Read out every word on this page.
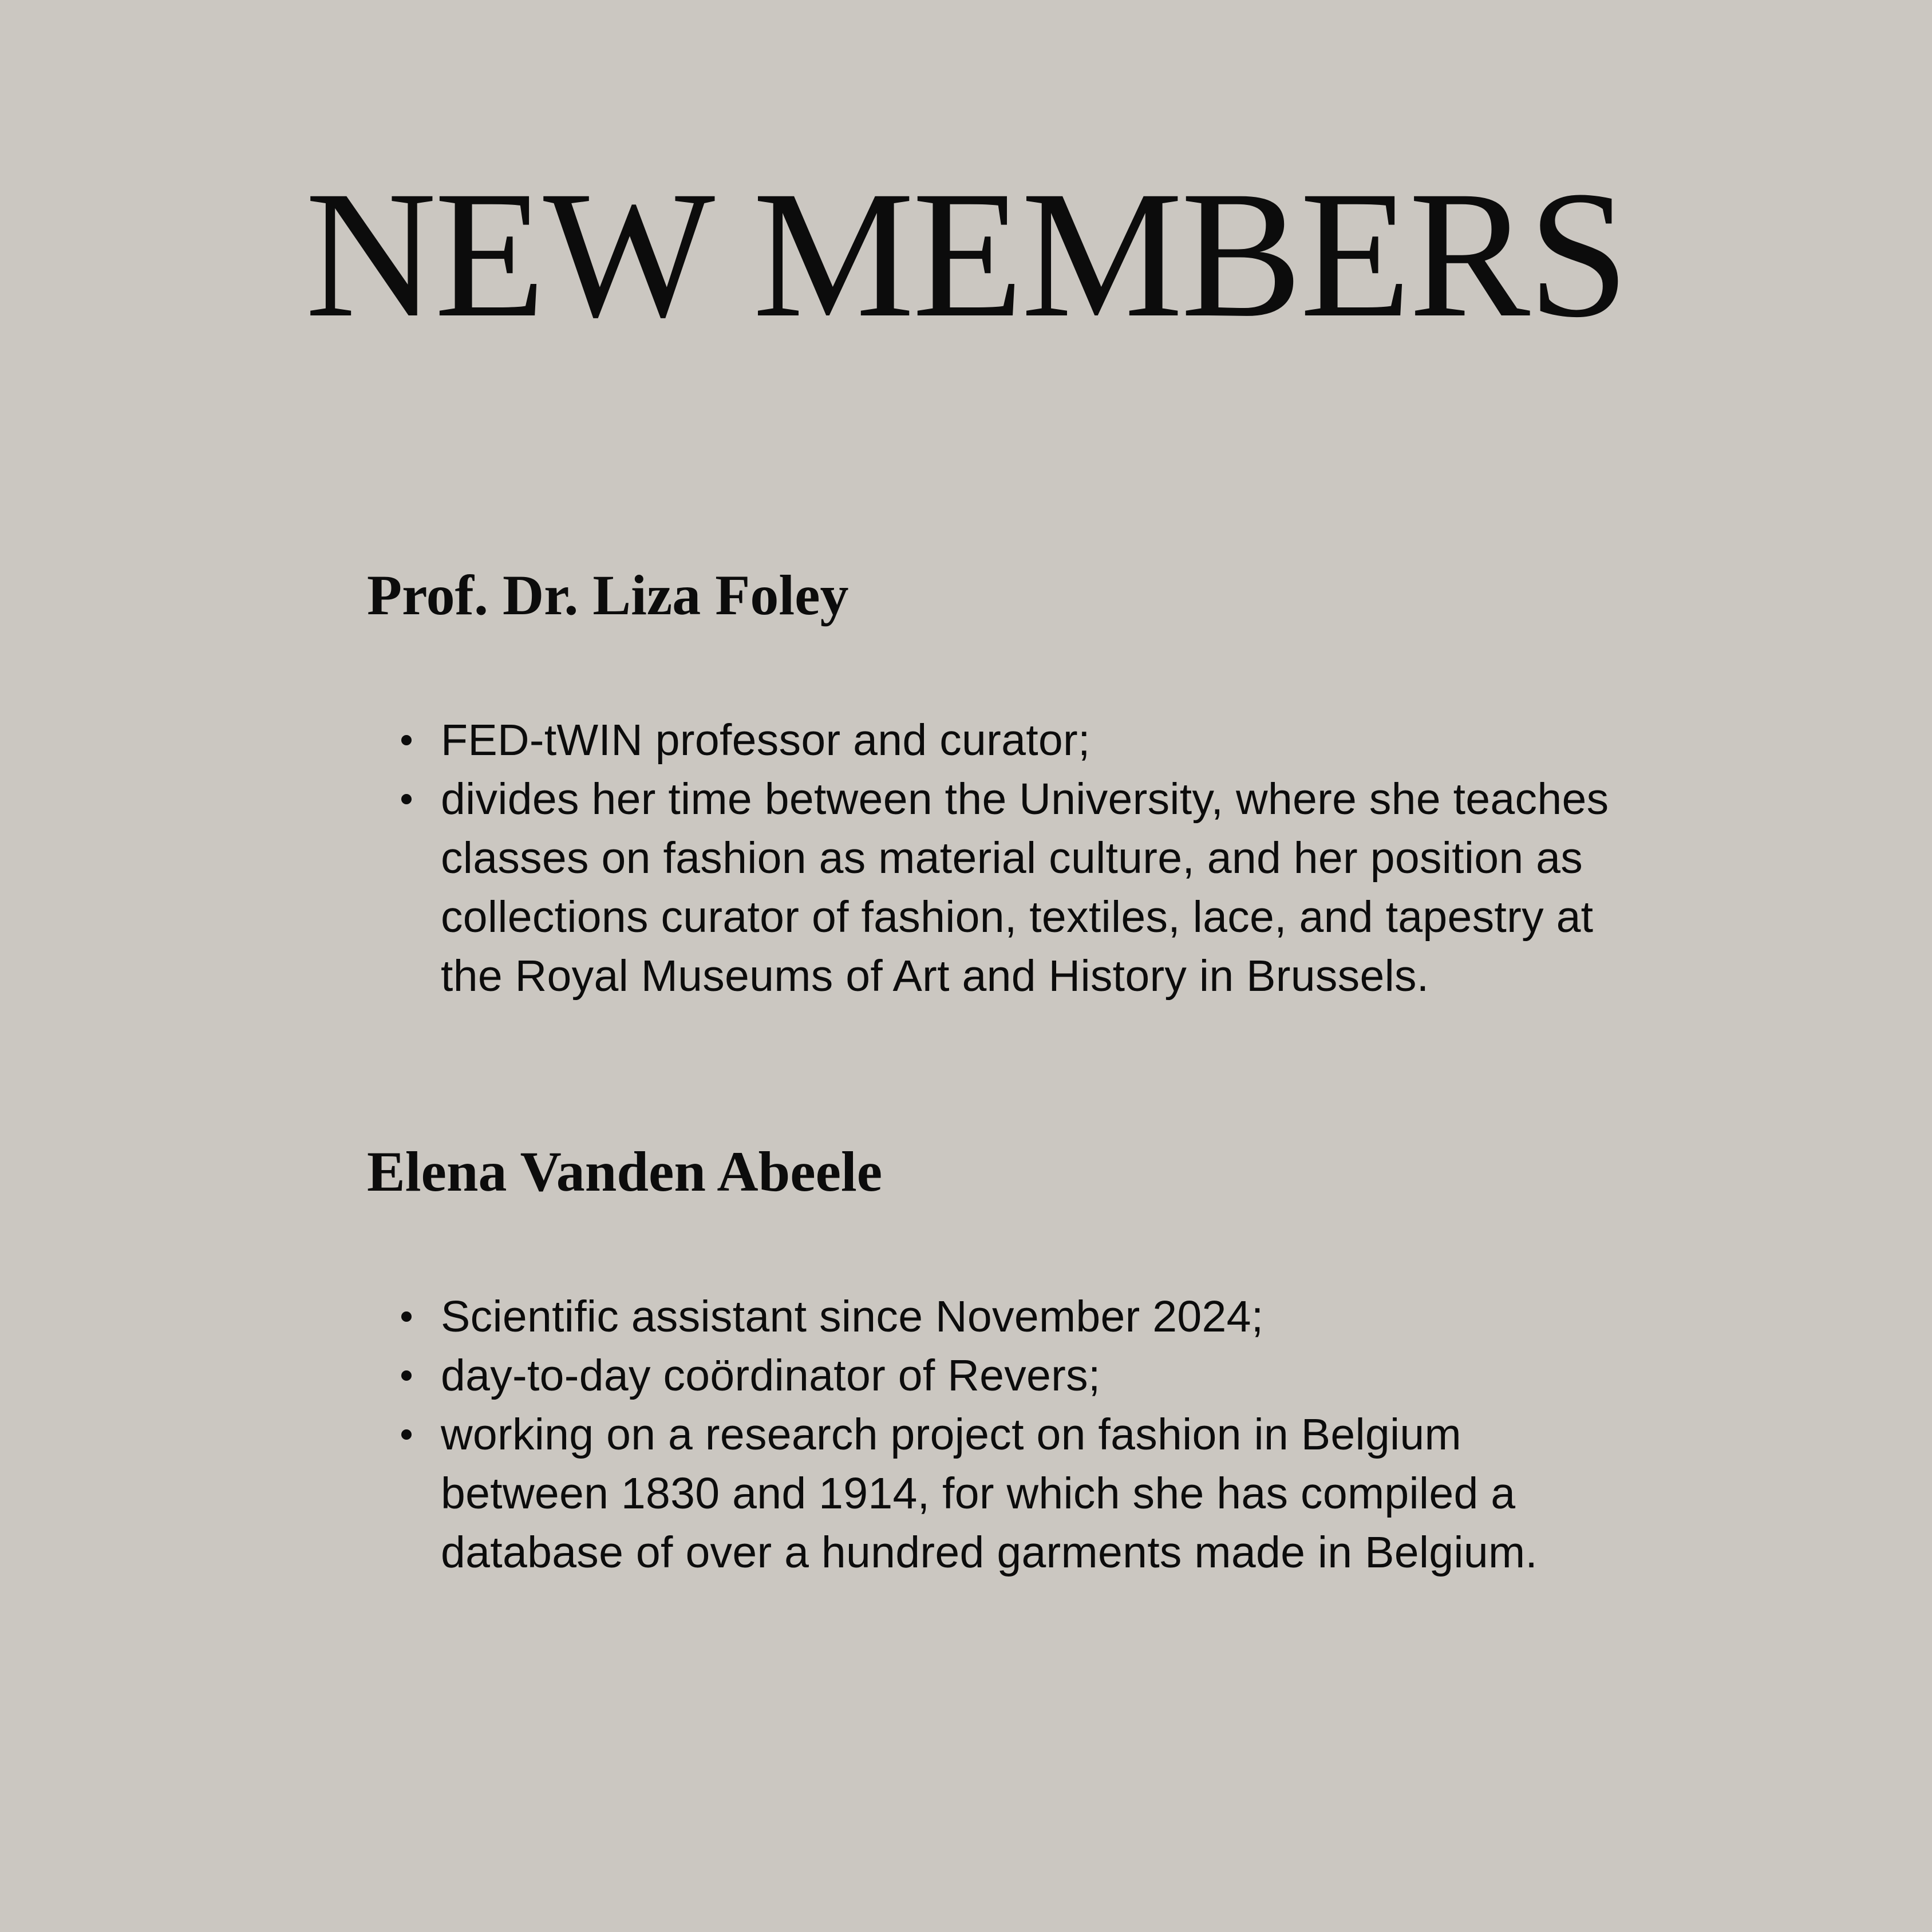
NEW MEMBERS
Prof. Dr. Liza Foley
FED-tWIN professor and curator;
divides her time between the University, where she teaches classes on fashion as material culture, and her position as collections curator of fashion, textiles, lace, and tapestry at the Royal Museums of Art and History in Brussels.
Elena Vanden Abeele
Scientific assistant since November 2024;
day-to-day coördinator of Revers;
working on a research project on fashion in Belgium between 1830 and 1914, for which she has compiled a database of over a hundred garments made in Belgium.
